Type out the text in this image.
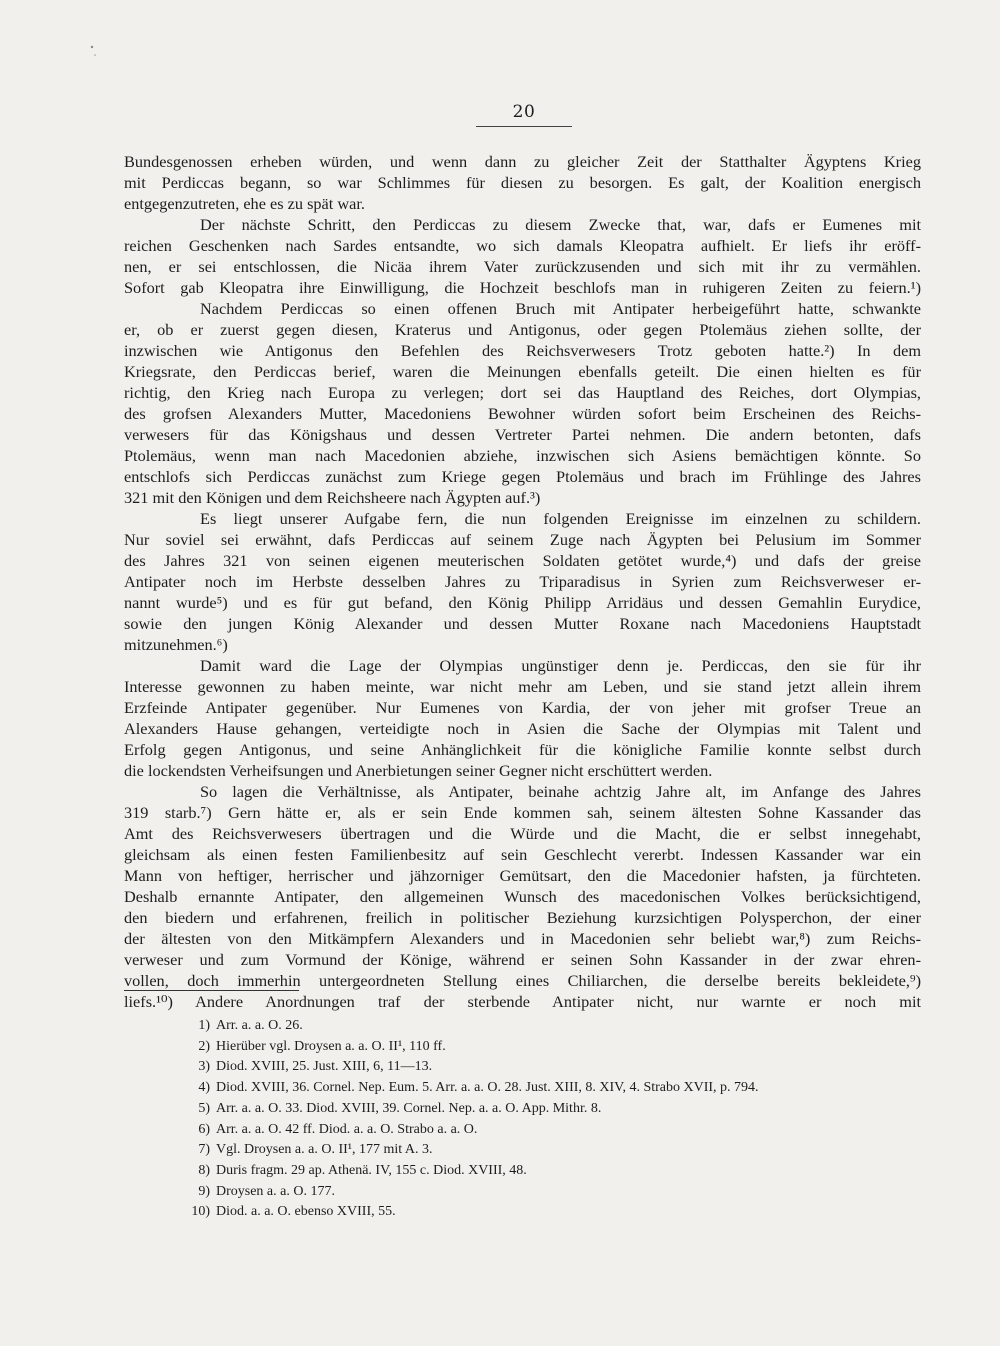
20
Bundesgenossen erheben würden, und wenn dann zu gleicher Zeit der Statthalter Ägyptens Krieg
mit Perdiccas begann, so war Schlimmes für diesen zu besorgen. Es galt, der Koalition energisch
entgegenzutreten, ehe es zu spät war.
Der nächste Schritt, den Perdiccas zu diesem Zwecke that, war, dafs er Eumenes mit
reichen Geschenken nach Sardes entsandte, wo sich damals Kleopatra aufhielt. Er liefs ihr eröff-
nen, er sei entschlossen, die Nicäa ihrem Vater zurückzusenden und sich mit ihr zu vermählen.
Sofort gab Kleopatra ihre Einwilligung, die Hochzeit beschlofs man in ruhigeren Zeiten zu feiern.¹)
Nachdem Perdiccas so einen offenen Bruch mit Antipater herbeigeführt hatte, schwankte
er, ob er zuerst gegen diesen, Kraterus und Antigonus, oder gegen Ptolemäus ziehen sollte, der
inzwischen wie Antigonus den Befehlen des Reichsverwesers Trotz geboten hatte.²) In dem
Kriegsrate, den Perdiccas berief, waren die Meinungen ebenfalls geteilt. Die einen hielten es für
richtig, den Krieg nach Europa zu verlegen; dort sei das Hauptland des Reiches, dort Olympias,
des grofsen Alexanders Mutter, Macedoniens Bewohner würden sofort beim Erscheinen des Reichs-
verwesers für das Königshaus und dessen Vertreter Partei nehmen. Die andern betonten, dafs
Ptolemäus, wenn man nach Macedonien abziehe, inzwischen sich Asiens bemächtigen könnte. So
entschlofs sich Perdiccas zunächst zum Kriege gegen Ptolemäus und brach im Frühlinge des Jahres
321 mit den Königen und dem Reichsheere nach Ägypten auf.³)
Es liegt unserer Aufgabe fern, die nun folgenden Ereignisse im einzelnen zu schildern.
Nur soviel sei erwähnt, dafs Perdiccas auf seinem Zuge nach Ägypten bei Pelusium im Sommer
des Jahres 321 von seinen eigenen meuterischen Soldaten getötet wurde,⁴) und dafs der greise
Antipater noch im Herbste desselben Jahres zu Triparadisus in Syrien zum Reichsverweser er-
nannt wurde⁵) und es für gut befand, den König Philipp Arridäus und dessen Gemahlin Eurydice,
sowie den jungen König Alexander und dessen Mutter Roxane nach Macedoniens Hauptstadt
mitzunehmen.⁶)
Damit ward die Lage der Olympias ungünstiger denn je. Perdiccas, den sie für ihr
Interesse gewonnen zu haben meinte, war nicht mehr am Leben, und sie stand jetzt allein ihrem
Erzfeinde Antipater gegenüber. Nur Eumenes von Kardia, der von jeher mit grofser Treue an
Alexanders Hause gehangen, verteidigte noch in Asien die Sache der Olympias mit Talent und
Erfolg gegen Antigonus, und seine Anhänglichkeit für die königliche Familie konnte selbst durch
die lockendsten Verheifsungen und Anerbietungen seiner Gegner nicht erschüttert werden.
So lagen die Verhältnisse, als Antipater, beinahe achtzig Jahre alt, im Anfange des Jahres
319 starb.⁷) Gern hätte er, als er sein Ende kommen sah, seinem ältesten Sohne Kassander das
Amt des Reichsverwesers übertragen und die Würde und die Macht, die er selbst innegehabt,
gleichsam als einen festen Familienbesitz auf sein Geschlecht vererbt. Indessen Kassander war ein
Mann von heftiger, herrischer und jähzorniger Gemütsart, den die Macedonier hafsten, ja fürchteten.
Deshalb ernannte Antipater, den allgemeinen Wunsch des macedonischen Volkes berücksichtigend,
den biedern und erfahrenen, freilich in politischer Beziehung kurzsichtigen Polysperchon, der einer
der ältesten von den Mitkämpfern Alexanders und in Macedonien sehr beliebt war,⁸) zum Reichs-
verweser und zum Vormund der Könige, während er seinen Sohn Kassander in der zwar ehren-
vollen, doch immerhin untergeordneten Stellung eines Chiliarchen, die derselbe bereits bekleidete,⁹)
liefs.¹⁰) Andere Anordnungen traf der sterbende Antipater nicht, nur warnte er noch mit
1) Arr. a. a. O. 26.
2) Hierüber vgl. Droysen a. a. O. II¹, 110 ff.
3) Diod. XVIII, 25. Just. XIII, 6, 11—13.
4) Diod. XVIII, 36. Cornel. Nep. Eum. 5. Arr. a. a. O. 28. Just. XIII, 8. XIV, 4. Strabo XVII, p. 794.
5) Arr. a. a. O. 33. Diod. XVIII, 39. Cornel. Nep. a. a. O. App. Mithr. 8.
6) Arr. a. a. O. 42 ff. Diod. a. a. O. Strabo a. a. O.
7) Vgl. Droysen a. a. O. II¹, 177 mit A. 3.
8) Duris fragm. 29 ap. Athenä. IV, 155 c. Diod. XVIII, 48.
9) Droysen a. a. O. 177.
10) Diod. a. a. O. ebenso XVIII, 55.
